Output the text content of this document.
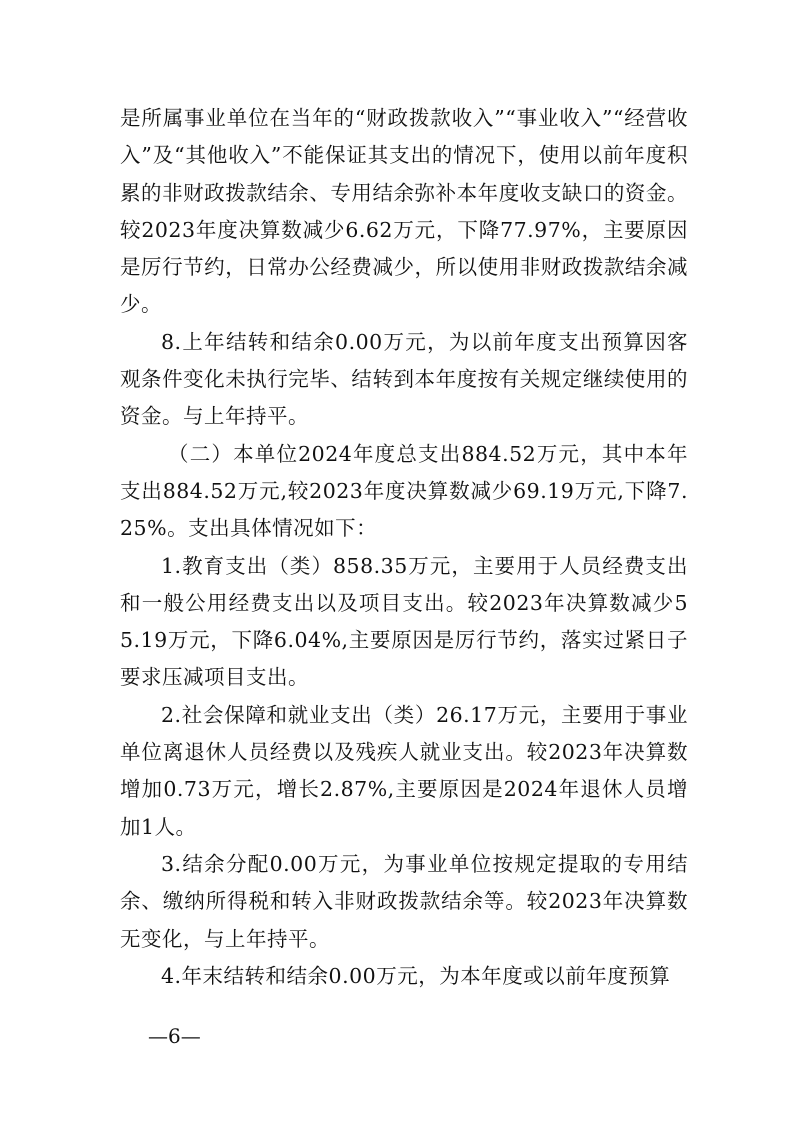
是所属事业单位在当年的“财政拨款收入”“事业收入”“经营收入”及“其他收入”不能保证其支出的情况下，使用以前年度积累的非财政拨款结余、专用结余弥补本年度收支缺口的资金。较2023年度决算数减少6.62万元，下降77.97%，主要原因是厉行节约，日常办公经费减少，所以使用非财政拨款结余减少。

8.上年结转和结余0.00万元，为以前年度支出预算因客观条件变化未执行完毕、结转到本年度按有关规定继续使用的资金。与上年持平。

（二）本单位2024年度总支出884.52万元，其中本年支出884.52万元,较2023年度决算数减少69.19万元,下降7.25%。支出具体情况如下：

1.教育支出（类）858.35万元，主要用于人员经费支出和一般公用经费支出以及项目支出。较2023年决算数减少55.19万元，下降6.04%,主要原因是厉行节约，落实过紧日子要求压减项目支出。

2.社会保障和就业支出（类）26.17万元，主要用于事业单位离退休人员经费以及残疾人就业支出。较2023年决算数增加0.73万元，增长2.87%,主要原因是2024年退休人员增加1人。

3.结余分配0.00万元，为事业单位按规定提取的专用结余、缴纳所得税和转入非财政拨款结余等。较2023年决算数无变化，与上年持平。

4.年末结转和结余0.00万元，为本年度或以前年度预算

—6—
